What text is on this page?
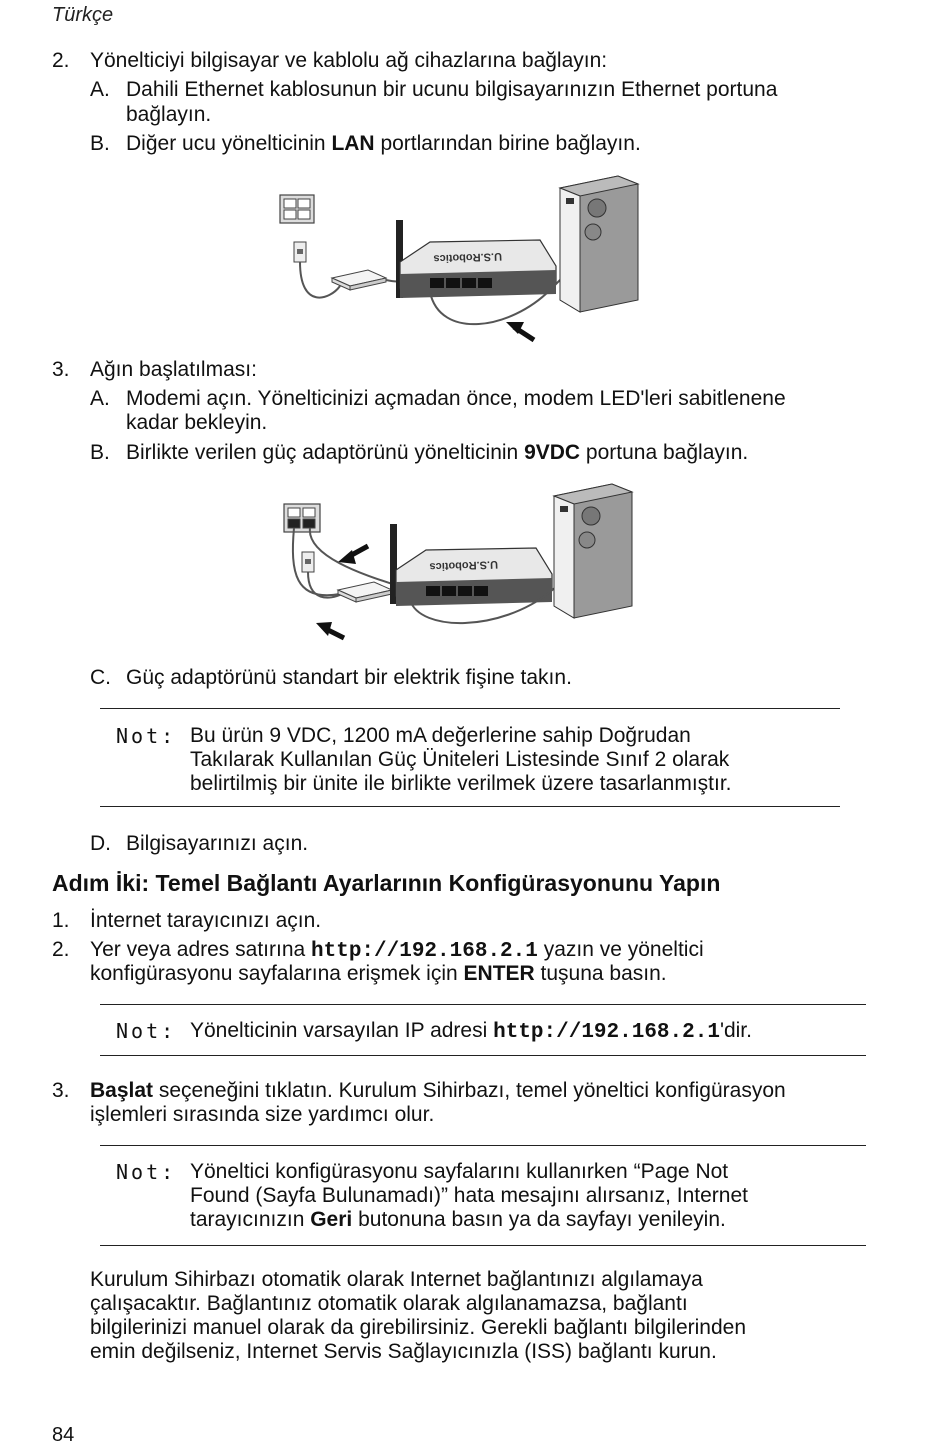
Türkçe
2. Yönelticiyi bilgisayar ve kablolu ağ cihazlarına bağlayın:
A. Dahili Ethernet kablosunun bir ucunu bilgisayarınızın Ethernet portuna
bağlayın.
B. Diğer ucu yönelticinin LAN portlarından birine bağlayın.
U.S.Robotics
3. Ağın başlatılması:
A. Modemi açın. Yönelticinizi açmadan önce, modem LED'leri sabitlenene
kadar bekleyin.
B. Birlikte verilen güç adaptörünü yönelticinin 9VDC portuna bağlayın.
U.S.Robotics
C. Güç adaptörünü standart bir elektrik fişine takın.
Not: Bu ürün 9 VDC, 1200 mA değerlerine sahip Doğrudan
Takılarak Kullanılan Güç Üniteleri Listesinde Sınıf 2 olarak
belirtilmiş bir ünite ile birlikte verilmek üzere tasarlanmıştır.
D. Bilgisayarınızı açın.
Adım İki: Temel Bağlantı Ayarlarının Konfigürasyonunu Yapın
1. İnternet tarayıcınızı açın.
2. Yer veya adres satırına http://192.168.2.1 yazın ve yöneltici
konfigürasyonu sayfalarına erişmek için ENTER tuşuna basın.
Not: Yönelticinin varsayılan IP adresi http://192.168.2.1'dir.
3. Başlat seçeneğini tıklatın. Kurulum Sihirbazı, temel yöneltici konfigürasyon
işlemleri sırasında size yardımcı olur.
Not: Yöneltici konfigürasyonu sayfalarını kullanırken “Page Not
Found (Sayfa Bulunamadı)” hata mesajını alırsanız, Internet
tarayıcınızın Geri butonuna basın ya da sayfayı yenileyin.
Kurulum Sihirbazı otomatik olarak Internet bağlantınızı algılamaya
çalışacaktır. Bağlantınız otomatik olarak algılanamazsa, bağlantı
bilgilerinizi manuel olarak da girebilirsiniz. Gerekli bağlantı bilgilerinden
emin değilseniz, Internet Servis Sağlayıcınızla (ISS) bağlantı kurun.
84
